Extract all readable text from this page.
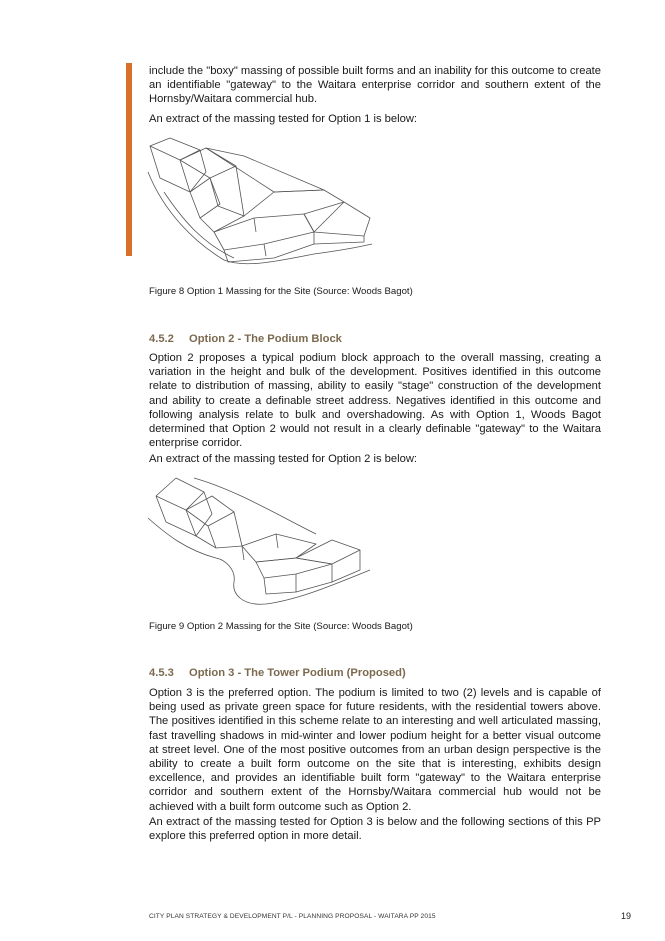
include the "boxy" massing of possible built forms and an inability for this outcome to create an identifiable "gateway" to the Waitara enterprise corridor and southern extent of the Hornsby/Waitara commercial hub.

An extract of the massing tested for Option 1 is below:

Figure 8 Option 1 Massing for the Site (Source: Woods Bagot)

4.5.2 Option 2 - The Podium Block

Option 2 proposes a typical podium block approach to the overall massing, creating a variation in the height and bulk of the development. Positives identified in this outcome relate to distribution of massing, ability to easily "stage" construction of the development and ability to create a definable street address. Negatives identified in this outcome and following analysis relate to bulk and overshadowing. As with Option 1, Woods Bagot determined that Option 2 would not result in a clearly definable "gateway" to the Waitara enterprise corridor.

An extract of the massing tested for Option 2 is below:

Figure 9 Option 2 Massing for the Site (Source: Woods Bagot)

4.5.3 Option 3 - The Tower Podium (Proposed)

Option 3 is the preferred option. The podium is limited to two (2) levels and is capable of being used as private green space for future residents, with the residential towers above. The positives identified in this scheme relate to an interesting and well articulated massing, fast travelling shadows in mid-winter and lower podium height for a better visual outcome at street level. One of the most positive outcomes from an urban design perspective is the ability to create a built form outcome on the site that is interesting, exhibits design excellence, and provides an identifiable built form "gateway" to the Waitara enterprise corridor and southern extent of the Hornsby/Waitara commercial hub would not be achieved with a built form outcome such as Option 2.

An extract of the massing tested for Option 3 is below and the following sections of this PP explore this preferred option in more detail.

CITY PLAN STRATEGY & DEVELOPMENT P/L - PLANNING PROPOSAL - WAITARA PP 2015	19
